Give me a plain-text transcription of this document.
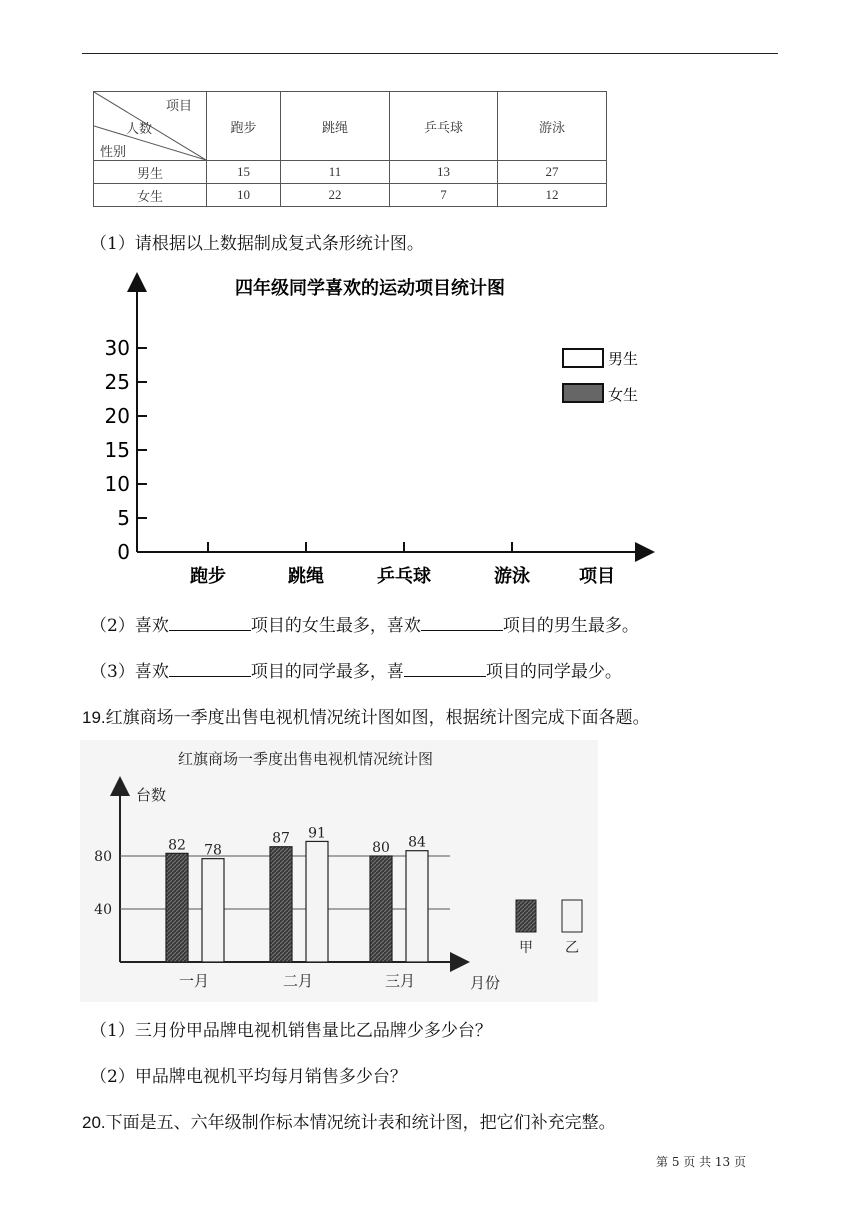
项目
人数
性别	跑步	跳绳	乒乓球	游泳
男生	15	11	13	27
女生	10	22	7	12
（1）请根据以上数据制成复式条形统计图。
四年级同学喜欢的运动项目统计图
0
5
10
15
20
25
30
跑步	跳绳	乒乓球	游泳	项目
男生
女生
（2）喜欢	项目的女生最多，喜欢	项目的男生最多。
（3）喜欢	项目的同学最多，喜	项目的同学最少。
19.红旗商场一季度出售电视机情况统计图如图，根据统计图完成下面各题。
红旗商场一季度出售电视机情况统计图
台数
月份
40
80
82 78
87 91
80 84
一月	二月	三月
甲 乙
（1）三月份甲品牌电视机销售量比乙品牌少多少台？
（2）甲品牌电视机平均每月销售多少台？
20.下面是五、六年级制作标本情况统计表和统计图，把它们补充完整。
第 5 页 共 13 页
